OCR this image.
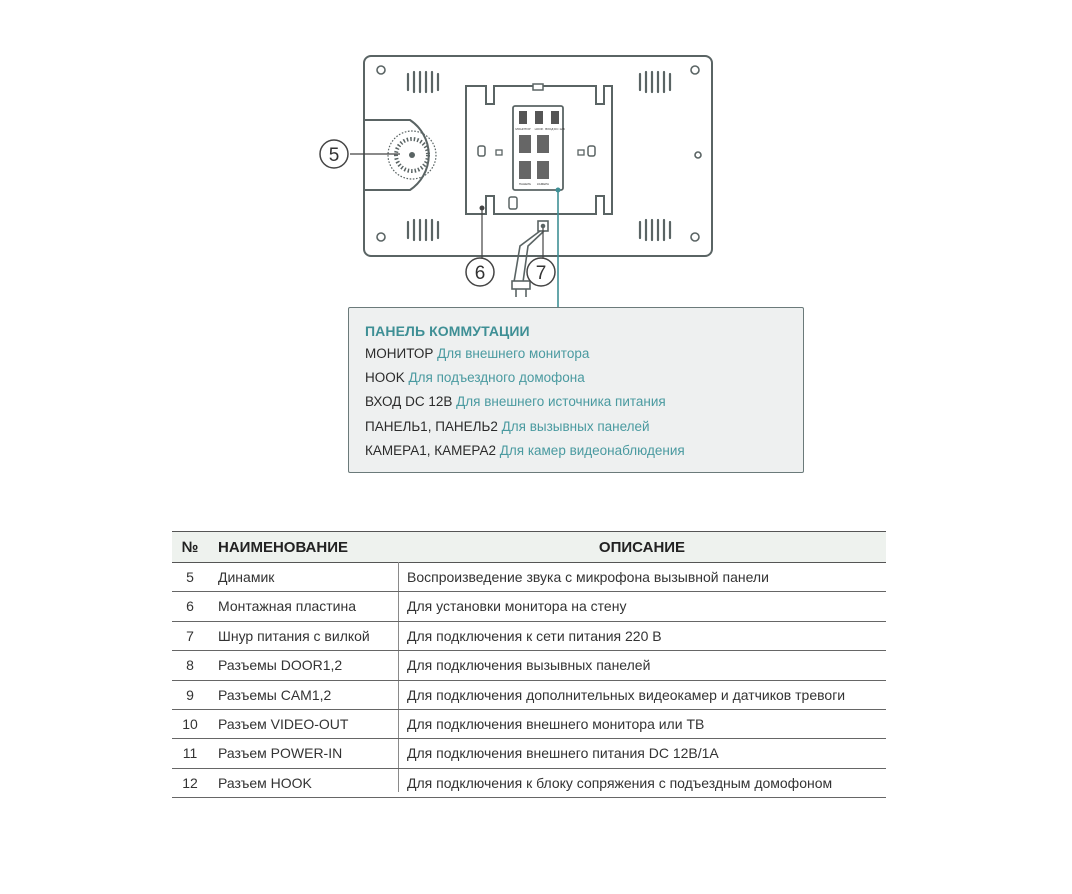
МОНИТОР HOOK ВХОД DC 12В
ПАНЕЛЬ КАМЕРА
5
6	7
ПАНЕЛЬ КОММУТАЦИИ
МОНИТОР Для внешнего монитора
HOOK Для подъездного домофона
ВХОД DC 12В Для внешнего источника питания
ПАНЕЛЬ1, ПАНЕЛЬ2 Для вызывных панелей
КАМЕРА1, КАМЕРА2 Для камер видеонаблюдения
№	НАИМЕНОВАНИЕ	ОПИСАНИЕ
5	Динамик	Воспроизведение звука с микрофона вызывной панели
6	Монтажная пластина	Для установки монитора на стену
7	Шнур питания с вилкой	Для подключения к сети питания 220 В
8	Разъемы DOOR1,2	Для подключения вызывных панелей
9	Разъемы CAM1,2	Для подключения дополнительных видеокамер и датчиков тревоги
10	Разъем VIDEO-OUT	Для подключения внешнего монитора или ТВ
11	Разъем POWER-IN	Для подключения внешнего питания DC 12В/1А
12	Разъем HOOK	Для подключения к блоку сопряжения с подъездным домофоном
